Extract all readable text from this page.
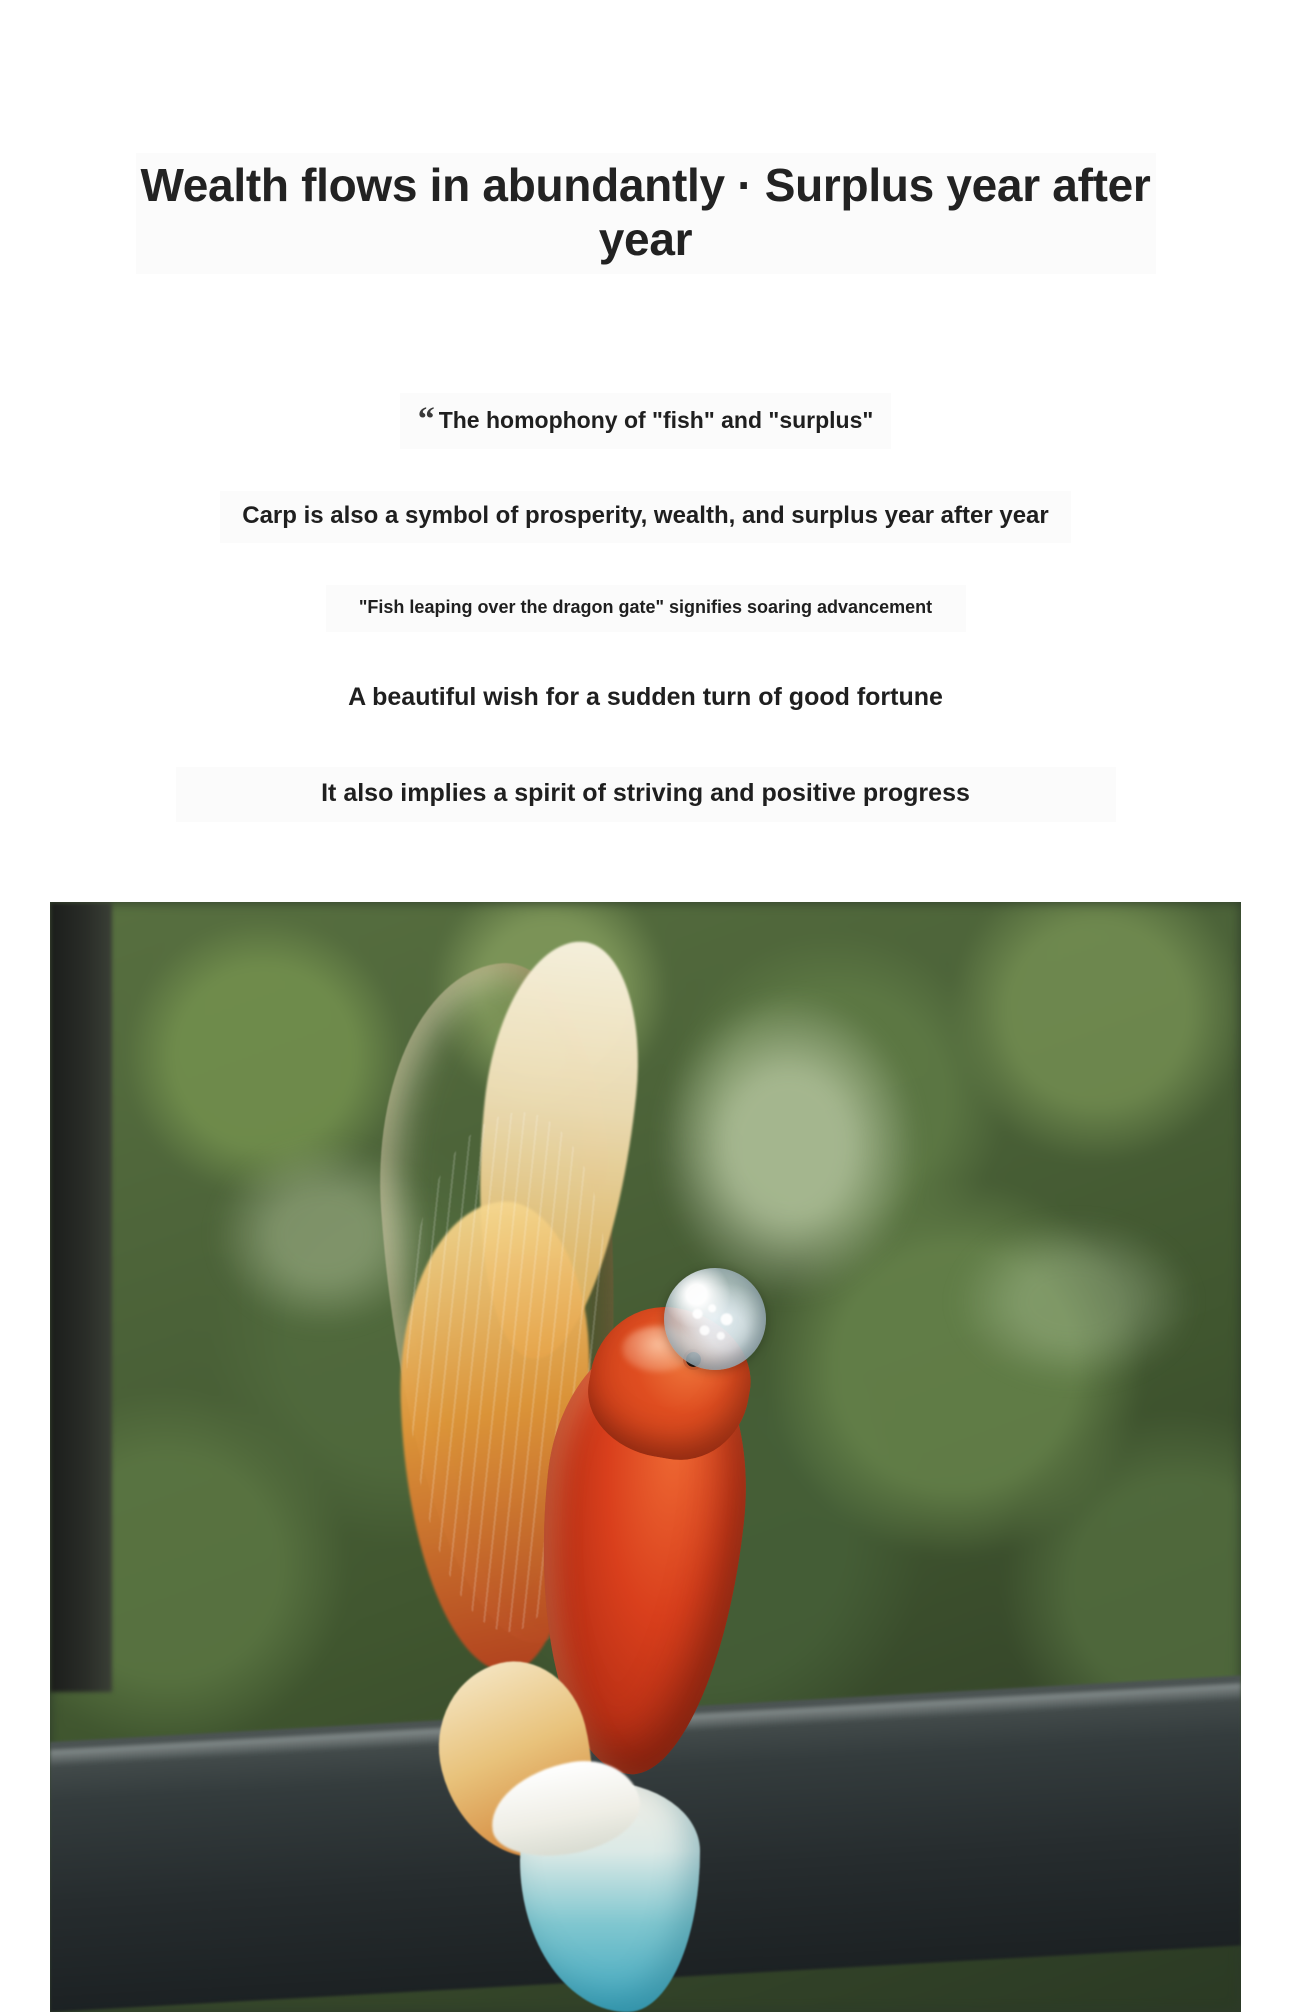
Wealth flows in abundantly · Surplus year after year
“ The homophony of "fish" and "surplus"
Carp is also a symbol of prosperity, wealth, and surplus year after year
"Fish leaping over the dragon gate" signifies soaring advancement
A beautiful wish for a sudden turn of good fortune
It also implies a spirit of striving and positive progress
